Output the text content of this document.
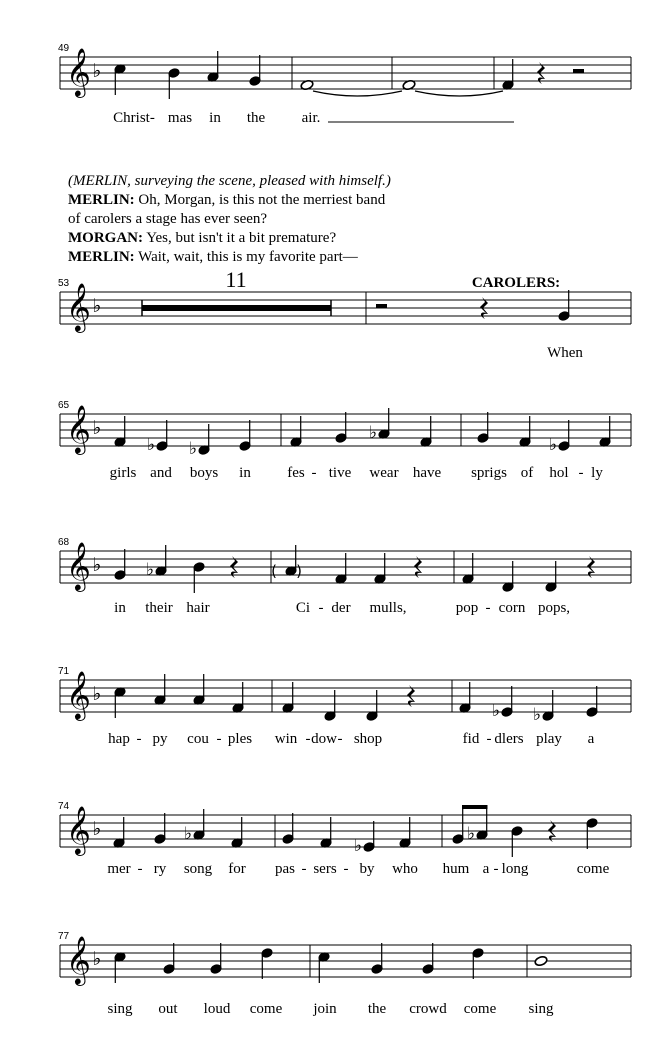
𝄞 ♭
49
Christ- mas in the air.
𝄞 ♭
53	11	CAROLERS:
When
𝄞 ♭
65
♭ ♭
♭
♭
girls and boys in fes - tive wear have sprigs of hol - ly
𝄞 ♭
68
♭	( )
in their hair	Ci - der mulls,	pop - corn pops,
𝄞 ♭
71
♭ ♭
hap - py cou - ples win - dow - shop	fid - dlers play a
𝄞 ♭
74
♭
♭
♭
mer - ry song for pas - sers - by who hum a - long	come
𝄞 ♭
77
sing out loud come join the crowd come sing
(MERLIN, surveying the scene, pleased with himself.)
MERLIN: Oh, Morgan, is this not the merriest band
of carolers a stage has ever seen?
MORGAN: Yes, but isn't it a bit premature?
MERLIN: Wait, wait, this is my favorite part—
